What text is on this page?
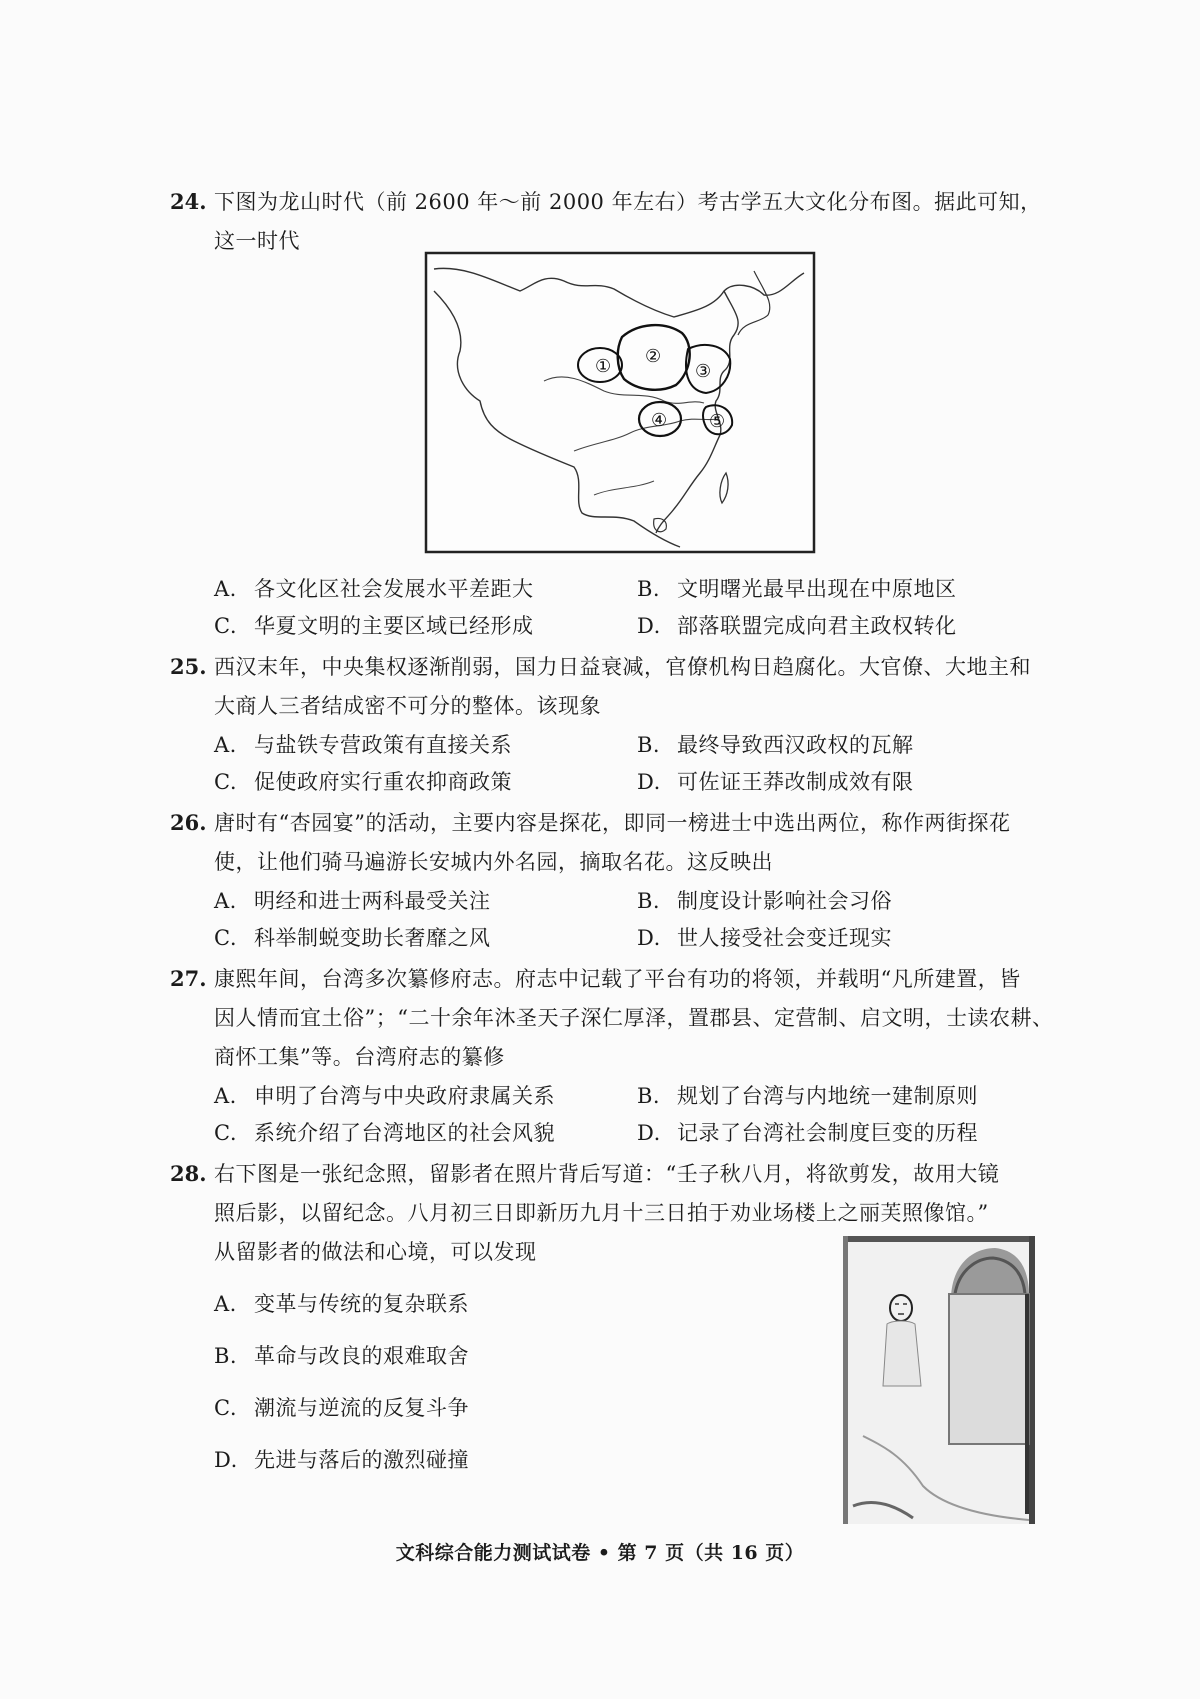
24. 下图为龙山时代（前 2600 年～前 2000 年左右）考古学五大文化分布图。据此可知，
这一时代
① ②
③
④ ⑤
A. 各文化区社会发展水平差距大	B. 文明曙光最早出现在中原地区
C. 华夏文明的主要区域已经形成	D. 部落联盟完成向君主政权转化
25. 西汉末年，中央集权逐渐削弱，国力日益衰减，官僚机构日趋腐化。大官僚、大地主和
大商人三者结成密不可分的整体。该现象
A. 与盐铁专营政策有直接关系	B. 最终导致西汉政权的瓦解
C. 促使政府实行重农抑商政策	D. 可佐证王莽改制成效有限
26. 唐时有“杏园宴”的活动，主要内容是探花，即同一榜进士中选出两位，称作两街探花
使，让他们骑马遍游长安城内外名园，摘取名花。这反映出
A. 明经和进士两科最受关注	B. 制度设计影响社会习俗
C. 科举制蜕变助长奢靡之风	D. 世人接受社会变迁现实
27. 康熙年间，台湾多次纂修府志。府志中记载了平台有功的将领，并载明“凡所建置，皆
因人情而宜土俗”；“二十余年沐圣天子深仁厚泽，置郡县、定营制、启文明，士读农耕、
商怀工集”等。台湾府志的纂修
A. 申明了台湾与中央政府隶属关系	B. 规划了台湾与内地统一建制原则
C. 系统介绍了台湾地区的社会风貌	D. 记录了台湾社会制度巨变的历程
28. 右下图是一张纪念照，留影者在照片背后写道：“壬子秋八月，将欲剪发，故用大镜
照后影，以留纪念。八月初三日即新历九月十三日拍于劝业场楼上之丽芙照像馆。”
从留影者的做法和心境，可以发现
A. 变革与传统的复杂联系
B. 革命与改良的艰难取舍
C. 潮流与逆流的反复斗争
D. 先进与落后的激烈碰撞
文科综合能力测试试卷 • 第 7 页（共 16 页）
